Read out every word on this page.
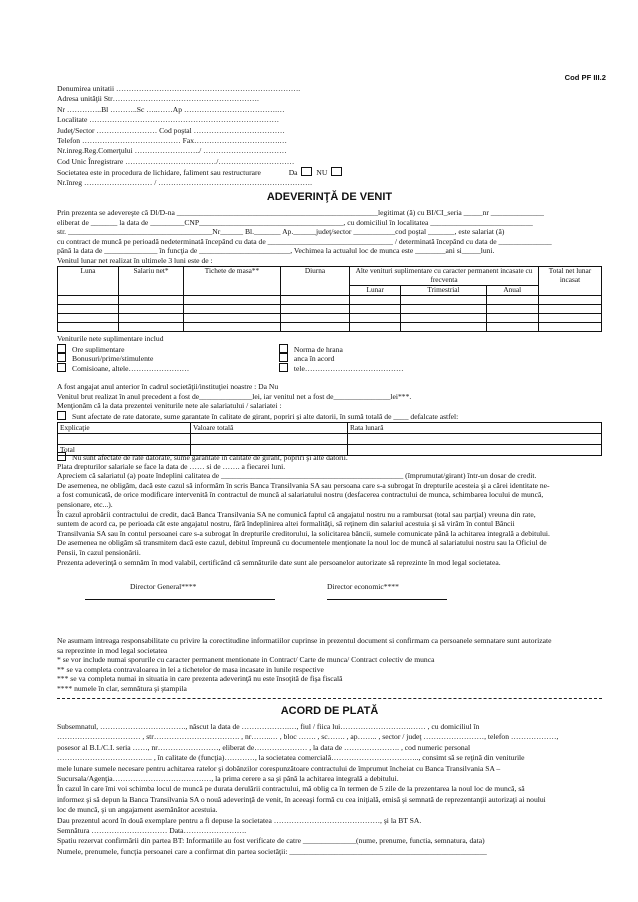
Cod PF III.2
Denumirea unitatii ……………………………………………………………….
Adresa unităţii Str………………………………………………….
Nr …………..Bl ………..Sc …..……Ap ……………………………….…
Localitate …………………………………………………………………
Judeţ/Sector …………………… Cod poştal ………………………………
Telefon ………………………………… Fax…………………………….…
Nr.inreg.Reg.Comerţului ……………………../ ……………………………
Cod Unic Înregistrare ………………………………/…………………………
Societatea este in procedura de lichidare, faliment sau restructurare	Da NU
Nr.înreg ……………………… / …………………………………………………….
ADEVERINŢĂ DE VENIT
Prin prezenta se adevereşte că Dl/D-na _____________________________________________________legitimat (ă) cu BI/CI_seria _____nr ______________
eliberat de _______ la data de _________CNP______________________________________, cu domiciliul în localitatea ___________________________
str. ______________________________________Nr______ Bl._______ Ap.______judeţ/sector ___________cod poştal _______, este salariat (ă)
cu contract de muncă pe perioadă nedeterminată începând cu data de _________________________________ / determinată începând cu data de ______________
până la data de ______________ în funcţia de ________________________, Vechimea la actualul loc de munca este ________ani si_____luni.
Venitul lunar net realizat în ultimele 3 luni este de :
Luna	Salariu net*	Tichete de masa**	Diurna	Alte venituri suplimentare cu caracter permanent incasate cu frecventa			Total net lunar incasat
				Lunar	Trimestrial	Anual	

Veniturile nete suplimentare includ
Ore suplimentare	Norma de hrana
Bonusuri/prime/stimulente	anca în acord
Comisioane, altele……………………	tele…………………………………
A fost angajat anul anterior în cadrul societăţii/instituţiei noastre : Da Nu
Venitul brut realizat în anul precedent a fost de______________lei, iar venitul net a fost de_______________lei***.
Menţionăm că la data prezentei veniturile nete ale salariatului / salariatei :
Sunt afectate de rate datorate, sume garantate în calitate de girant, popriri şi alte datorii, în sumă totală de ____ defalcate astfel:
Explicaţie	Valoare totală	Rata lunară

Total		
Nu sunt afectate de rate datorate, sume garantate în calitate de girant, popriri şi alte datorii.
Plata drepturilor salariale se face la data de …… si de ……. a fiecarei luni.
Apreciem că salariatul (a) poate îndeplini calitatea de ________________________________________________ (împrumutat/girant) într-un dosar de credit.
De asemenea, ne obligăm, dacă este cazul să informăm în scris Banca Transilvania SA sau persoana care s-a subrogat în drepturile acesteia şi a cărei identitate ne-
a fost comunicată, de orice modificare intervenită în contractul de muncă al salariatului nostru (desfacerea contractului de munca, schimbarea locului de muncă,
pensionare, etc...).
În cazul aprobării contractului de credit, dacă Banca Transilvania SA ne comunică faptul că angajatul nostru nu a rambursat (total sau parţial) vreuna din rate,
suntem de acord ca, pe perioada cât este angajatul nostru, fără îndeplinirea altei formalităţi, să reţinem din salariul acestuia şi să virăm în contul Băncii
Transilvania SA sau în contul persoanei care s-a subrogat în drepturile creditorului, la solicitarea băncii, sumele comunicate până la achitarea integrală a debitului.
De asemenea ne obligăm să transmitem dacă este cazul, debitul împreună cu documentele menţionate la noul loc de muncă al salariatului nostru sau la Oficiul de
Pensii, în cazul pensionării.
Prezenta adeverinţă o semnăm în mod valabil, certificând că semnăturile date sunt ale persoanelor autorizate să reprezinte în mod legal societatea.
Director General****	Director economic****
Ne asumam intreaga responsabilitate cu privire la corectitudine informatiilor cuprinse in prezentul document si confirmam ca persoanele semnatare sunt autorizate
sa reprezinte in mod legal societatea
* se vor include numai sporurile cu caracter permanent mentionate in Contract/ Carte de munca/ Contract colectiv de munca
** se va completa contravaloarea in lei a tichetelor de masa incasate in lunile respective
*** se va completa numai in situatia in care prezenta adeverinţă nu este însoţită de fişa fiscală
**** numele în clar, semnătura şi ştampila
ACORD DE PLATĂ
Subsemnatul, ……………………………., născut la data de ……………….…, fiul / fiica lui……………………….…… , cu domiciliul în
…………………………… , str……………………………. , nr……..… , bloc ……. , sc……. , ap…….. , sector / judeţ ……………………, telefon ………………,
posesor al B.I./C.I. seria ……, nr……………………, eliberat de………………… , la data de …………………. , cod numeric personal
……………………………….. , în calitate de (funcţia)…………, la societatea comercială…………………………….., consimt să se reţină din veniturile
mele lunare sumele necesare pentru achitarea ratelor şi dobânzilor corespunzătoare contractului de împrumut încheiat cu Banca Transilvania SA –
Sucursala/Agenţia…………………………………, la prima cerere a sa şi până la achitarea integrală a debitului.
În cazul în care îmi voi schimba locul de muncă pe durata derulării contractului, mă oblig ca în termen de 5 zile de la prezentarea la noul loc de muncă, să
informez şi să depun la Banca Transilvania SA o nouă adeverinţă de venit, în aceeaşi formă cu cea iniţială, emisă şi semnată de reprezentanţii autorizaţi ai noului
loc de muncă, şi un angajament asemănător acestuia.
Dau prezentul acord în două exemplare pentru a fi depuse la societatea ……………………………………, şi la BT SA.
Semnătura ………………………… Data…………………….
Spatiu rezervat confirmării din partea BT: Informatiile au fost verificate de catre ______________(nume, prenume, functia, semnatura, data)
Numele, prenumele, funcţia persoanei care a confirmat din partea societăţii: ____________________________________________________
